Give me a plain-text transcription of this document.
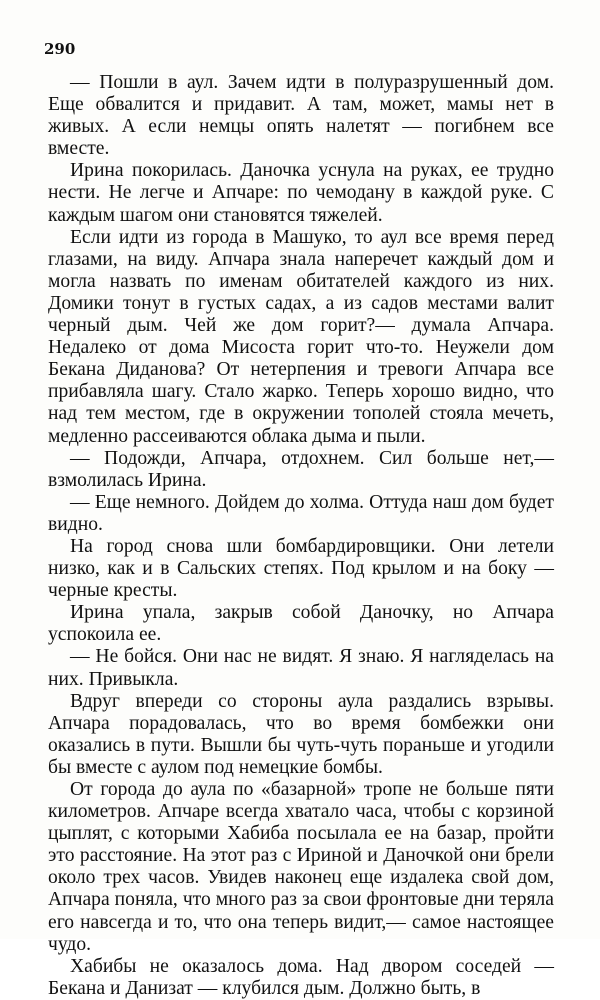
290

— Пошли в аул. Зачем идти в полуразрушенный дом. Еще обвалится и придавит. А там, может, мамы нет в живых. А если немцы опять налетят — погибнем все вместе.

Ирина покорилась. Даночка уснула на руках, ее трудно нести. Не легче и Апчаре: по чемодану в каждой руке. С каждым шагом они становятся тяжелей.

Если идти из города в Машуко, то аул все время перед глазами, на виду. Апчара знала наперечет каждый дом и могла назвать по именам обитателей каждого из них. Домики тонут в густых садах, а из садов местами валит черный дым. Чей же дом горит?— думала Апчара. Недалеко от дома Мисоста горит что-то. Неужели дом Бекана Диданова? От нетерпения и тревоги Апчара все прибавляла шагу. Стало жарко. Теперь хорошо видно, что над тем местом, где в окружении тополей стояла мечеть, медленно рассеиваются облака дыма и пыли.

— Подожди, Апчара, отдохнем. Сил больше нет,— взмолилась Ирина.

— Еще немного. Дойдем до холма. Оттуда наш дом будет видно.

На город снова шли бомбардировщики. Они летели низко, как и в Сальских степях. Под крылом и на боку — черные кресты.

Ирина упала, закрыв собой Даночку, но Апчара успокоила ее.

— Не бойся. Они нас не видят. Я знаю. Я нагляделась на них. Привыкла.

Вдруг впереди со стороны аула раздались взрывы. Апчара порадовалась, что во время бомбежки они оказались в пути. Вышли бы чуть-чуть пораньше и угодили бы вместе с аулом под немецкие бомбы.

От города до аула по «базарной» тропе не больше пяти километров. Апчаре всегда хватало часа, чтобы с корзиной цыплят, с которыми Хабиба посылала ее на базар, пройти это расстояние. На этот раз с Ириной и Даночкой они брели около трех часов. Увидев наконец еще издалека свой дом, Апчара поняла, что много раз за свои фронтовые дни теряла его навсегда и то, что она теперь видит,— самое настоящее чудо.

Хабибы не оказалось дома. Над двором соседей — Бекана и Данизат — клубился дым. Должно быть, в
